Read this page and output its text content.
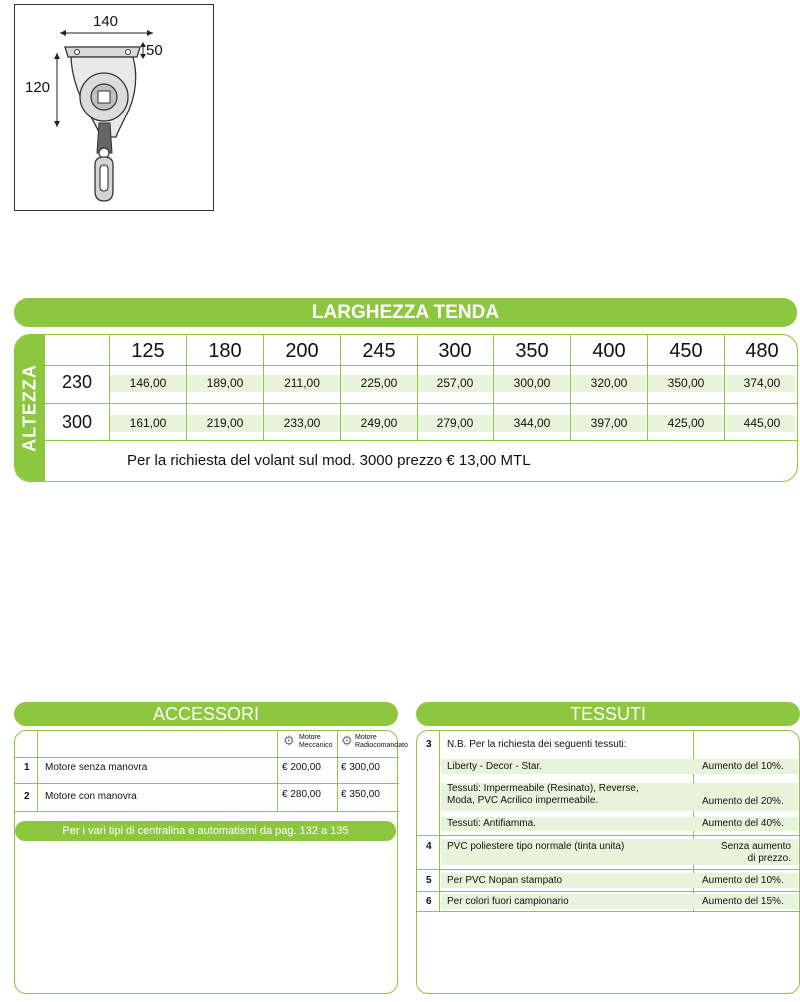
140
120
50
LARGHEZZA TENDA
ALTEZZA
125	180	200	245	300	350	400	450	480
230	146,00	189,00	211,00	225,00	257,00	300,00	320,00	350,00	374,00
300	161,00	219,00	233,00	249,00	279,00	344,00	397,00	425,00	445,00
Per la richiesta del volant sul mod. 3000 prezzo € 13,00 MTL
ACCESSORI
⚙ Motore
Meccanico ⚙ Motore
Radiocomandato
1 Motore senza manovra	€ 200,00 € 300,00
2 Motore con manovra	€ 280,00 € 350,00
Per i vari tipi di centralina e automatismi da pag. 132 a 135
TESSUTI
3 N.B. Per la richiesta dei seguenti tessuti:
Liberty - Decor - Star.	Aumento del 10%.
Tessuti: Impermeabile (Resinato), Reverse,
Moda, PVC Acrilico impermeabile.	Aumento del 20%.
Tessuti: Antifiamma.	Aumento del 40%.
4 PVC poliestere tipo normale (tinta unita)	Senza aumento
di prezzo.
5 Per PVC Nopan stampato	Aumento del 10%.
6 Per colori fuori campionario	Aumento del 15%.
